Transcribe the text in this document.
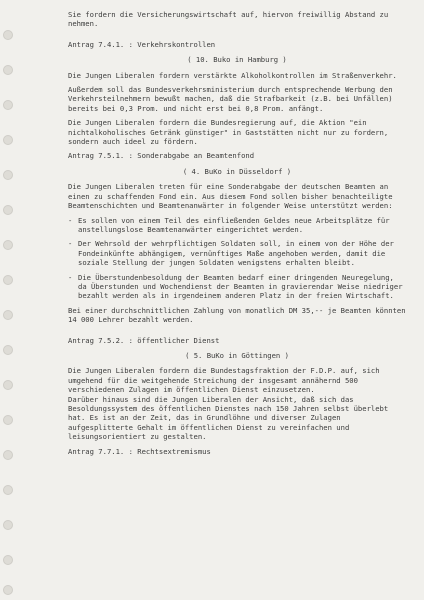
Sie fordern die Versicherungswirtschaft auf, hiervon freiwillig Abstand zu nehmen.
Antrag 7.4.1. : Verkehrskontrollen
( 10. Buko in Hamburg )
Die Jungen Liberalen fordern verstärkte Alkoholkontrollen im Straßenverkehr.
Außerdem soll das Bundesverkehrsministerium durch entsprechende Werbung den Verkehrsteilnehmern bewußt machen, daß die Strafbarkeit (z.B. bei Unfällen) bereits bei 0,3 Prom. und nicht erst bei 0,8 Prom. anfängt.
Die Jungen Liberalen fordern die Bundesregierung auf, die Aktion "ein nichtalkoholisches Getränk günstiger" in Gaststätten nicht nur zu fordern, sondern auch ideel zu fördern.
Antrag 7.5.1. : Sonderabgabe an Beamtenfond
( 4. BuKo in Düsseldorf )
Die Jungen Liberalen treten für eine Sonderabgabe der deutschen Beamten an einen zu schaffenden Fond ein. Aus diesem Fond sollen bisher benachteiligte Beamtenschichten und Beamtenanwärter in folgender Weise unterstützt werden:
- Es sollen von einem Teil des einfließenden Geldes neue Arbeitsplätze für anstellungslose Beamtenanwärter eingerichtet werden.
- Der Wehrsold der wehrpflichtigen Soldaten soll, in einem von der Höhe der Fondeinkünfte abhängigem, vernünftiges Maße angehoben werden, damit die soziale Stellung der jungen Soldaten wenigstens erhalten bleibt.
- Die Überstundenbesoldung der Beamten bedarf einer dringenden Neuregelung, da Überstunden und Wochendienst der Beamten in gravierendar Weise niedriger bezahlt werden als in irgendeinem anderen Platz in der freien Wirtschaft.
Bei einer durchschnittlichen Zahlung von monatlich DM 35,-- je Beamten könnten 14 000 Lehrer bezahlt werden.
Antrag 7.5.2. : öffentlicher Dienst
( 5. BuKo in Göttingen )
Die Jungen Liberalen fordern die Bundestagsfraktion der F.D.P. auf, sich umgehend für die weitgehende Streichung der insgesamt annähernd 500 verschiedenen Zulagen im öffentlichen Dienst einzusetzen.
Darüber hinaus sind die Jungen Liberalen der Ansicht, daß sich das Besoldungssystem des öffentlichen Dienstes nach 150 Jahren selbst überlebt hat. Es ist an der Zeit, das in Grundlöhne und diverser Zulagen aufgesplitterte Gehalt im öffentlichen Dienst zu vereinfachen und leisungsorientiert zu gestalten.
Antrag 7.7.1. : Rechtsextremismus
